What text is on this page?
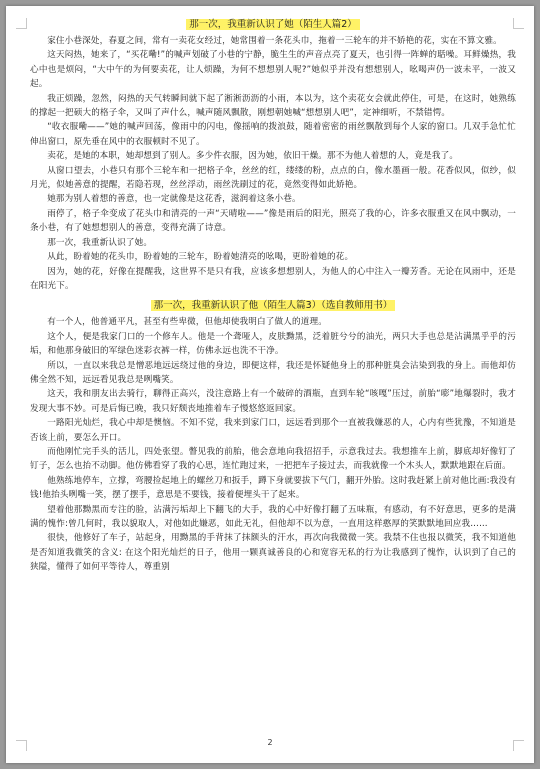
那一次，我重新认识了她（陌生人篇2）

家住小巷深处，春夏之间，常有一卖花女经过，她常围着一条花头巾，拖着一三轮车的并不娇艳的花，实在不算文雅。

这天闷热，她来了，“买花嘞!”的喊声划破了小巷的宁静，脆生生的声音点亮了夏天，也引得一阵蝉的聒噪。耳鲜燥热，我心中也是烦闷，“大中午的为何要卖花，让人烦躁，为何不想想别人呢?”她似乎并没有想想别人，吆喝声仍一波未平，一波又起。

我正烦躁，忽然，闷热的天气转瞬间就下起了淅淅沥沥的小雨，本以为，这个卖花女会就此停住，可是，在这时，她熟练的撑起一把硕大的格子伞，又叫了声什么，喊声随风飘散，刚想朝她喊“想想别人吧”，定神细听，不禁错愕。

“收衣服嘞——”她的喊声回荡，像雨中的闪电，像摇响的拨浪鼓，随着密密的雨丝飘散到每个人家的窗口。几双手急忙忙伸出窗口，原先垂在风中的衣服顿时不见了。

卖花，是她的本职，她却想到了别人。多少件衣服，因为她，依旧干燥。那不为他人着想的人，竟是我了。

从窗口望去，小巷只有那个三轮车和一把格子伞，丝丝的红，缕缕的粉，点点的白，像水墨画一般。花香似风，似纱，似月光，似她善意的提醒，若隐若现，丝丝浮动，雨丝洗刷过的花，竟然变得如此娇艳。

她那为别人着想的善意，也一定就像是这花香，滋润着这条小巷。

雨停了，格子伞变成了花头巾和清亮的一声“天晴啦——”像是雨后的阳光，照亮了我的心，许多衣服重又在风中飘动，一条小巷，有了她想想别人的善意，变得充满了诗意。

那一次，我重新认识了她。

从此，盼着她的花头巾，盼着她的三轮车，盼着她清亮的吆喝，更盼着她的花。

因为，她的花，好像在提醒我，这世界不是只有我，应该多想想别人，为他人的心中注入一瓣芳香。无论在风雨中，还是在阳光下。

那一次，我重新认识了他（陌生人篇3）（选自教师用书）

有一个人，他普通平凡，甚至有些卑微，但他却使我明白了做人的道理。

这个人，便是我家门口的一个修车人。他是一个聋哑人，皮肤黝黑，泛着脏兮兮的油光，两只大手也总是沾满黑乎乎的污垢，和他那身破旧的军绿色迷彩衣裤一样，仿佛永远也洗不干净。

所以，一直以来我总是憎恶地远远绕过他的身边，即便这样，我还是怀疑他身上的那种脏臭会沾染到我的身上。而他却仿佛全然不知，远远看见我总是咧嘴笑。

这天，我和朋友出去骑行，聊得正高兴，没注意路上有一个破碎的酒瓶，直到车轮“咳嘎”压过，前胎“嘭”地爆裂时，我才发现大事不妙。可是后悔已晚，我只好颓丧地推着车子慢悠悠返回家。

一路阳光灿烂，我心中却是懊恼。不知不觉，我来到家门口，远远看到那个一直被我嫌恶的人，心内有些犹豫，不知道是否该上前，要怎么开口。

而他刚忙完手头的活儿，四处张望。瞥见我的前胎，他会意地向我招招手，示意我过去。我想推车上前，脚底却好像钉了钉子，怎么也抬不动脚。他仿佛看穿了我的心思，连忙跑过来，一把把车子接过去，而我就像一个木头人，默默地跟在后面。

他熟练地停车，立撑，弯腰捡起地上的螺丝刀和扳手，蹲下身就要拔下气门，翻开外胎。这时我赶紧上前对他比画:我没有钱!他抬头咧嘴一笑，摆了摆手，意思是不要钱，接着便埋头干了起来。

望着他那黝黑而专注的脸，沾满污垢却上下翻飞的大手，我的心中好像打翻了五味瓶，有感动，有不好意思，更多的是满满的愧怍:曾几何时，我以貌取人，对他如此嫌恶，如此无礼，但他却不以为意，一直用这样憨厚的笑默默地回应我……

很快，他修好了车子，站起身，用黝黑的手背抹了抹额头的汗水，再次向我微微一笑。我禁不住也报以微笑，我不知道他是否知道我微笑的含义: 在这个阳光灿烂的日子，他用一颗真诚善良的心和宽容无私的行为让我感到了愧怍，认识到了自己的狭隘，懂得了如何平等待人，尊重别

2
